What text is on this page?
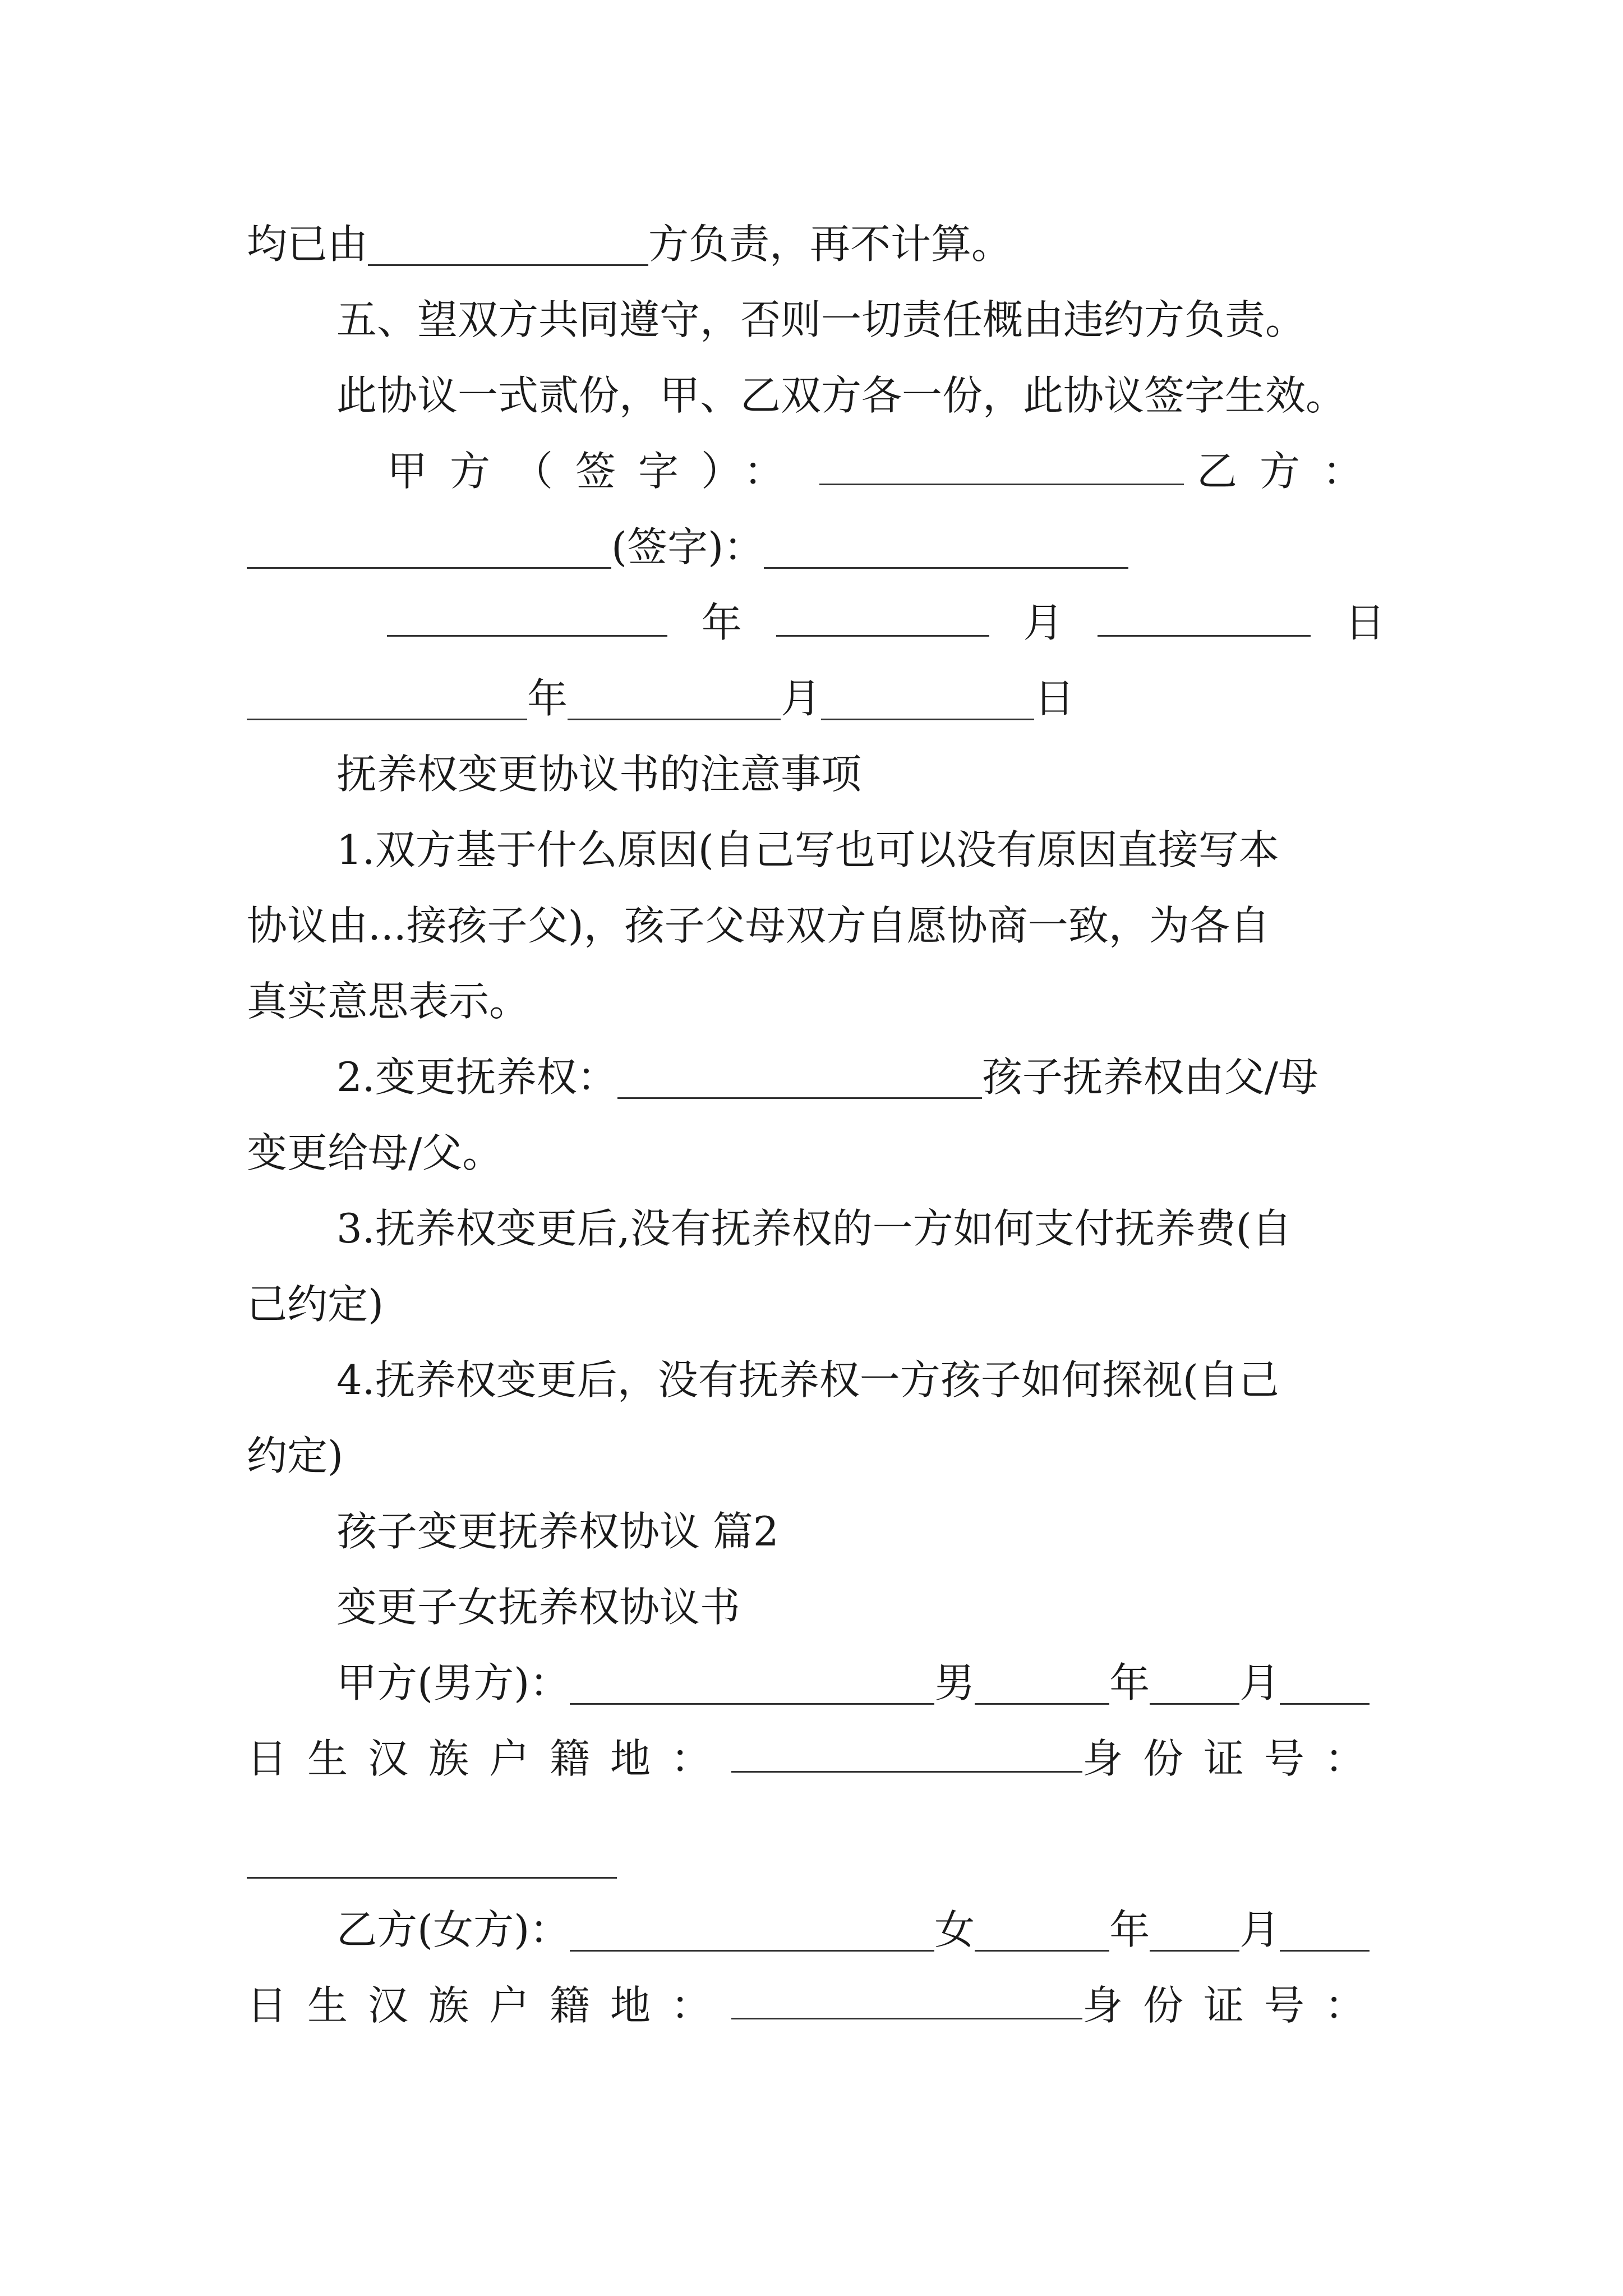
均已由	方负责，再不计算。
五、望双方共同遵守，否则一切责任概由违约方负责。
此协议一式贰份，甲、乙双方各一份，此协议签字生效。
甲方（签字）：	乙方：
(签字)：
年	月	日
年	月	日
抚养权变更协议书的注意事项
1.双方基于什么原因(自己写也可以没有原因直接写本
协议由...接孩子父)，孩子父母双方自愿协商一致，为各自
真实意思表示。
2.变更抚养权：	孩子抚养权由父/母
变更给母/父。
3.抚养权变更后,没有抚养权的一方如何支付抚养费(自
己约定)
4.抚养权变更后，没有抚养权一方孩子如何探视(自己
约定)
孩子变更抚养权协议 篇2
变更子女抚养权协议书
甲方(男方)：	男	年 月
日生汉族户籍地：	身份证号：
乙方(女方)：	女	年 月
日生汉族户籍地：	身份证号：
